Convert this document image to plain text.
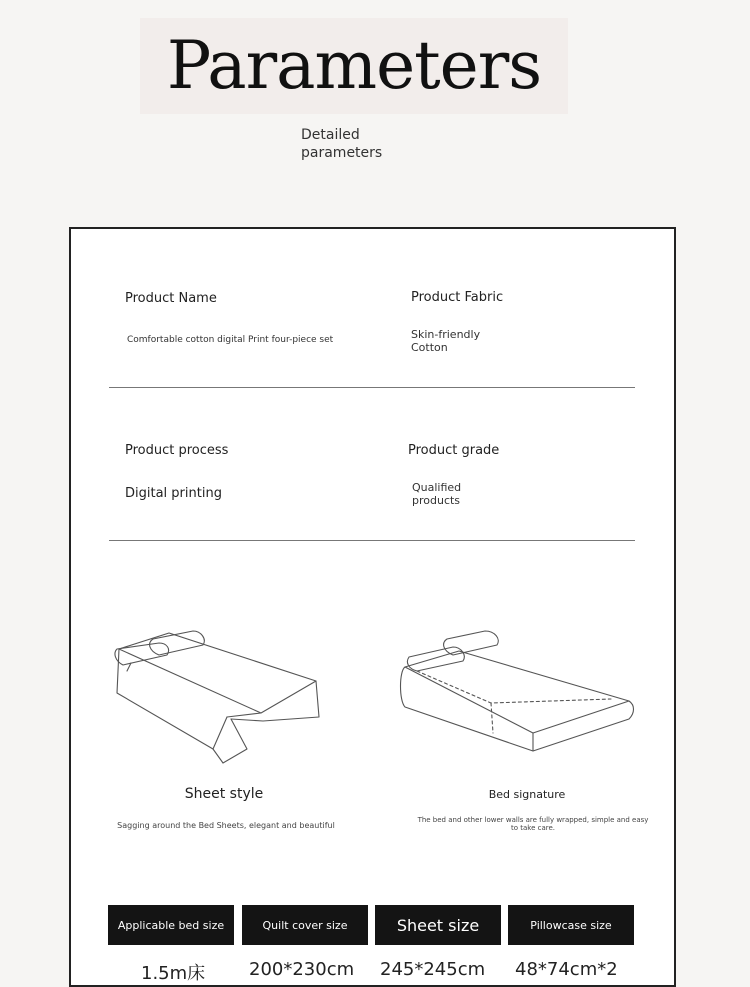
Parameters
Detailed
parameters
Product Name
Comfortable cotton digital Print four-piece set
Product Fabric
Skin-friendly
Cotton
Product process
Digital printing
Product grade
Qualified
products
Sheet style
Sagging around the Bed Sheets, elegant and beautiful
Bed signature
The bed and other lower walls are fully wrapped, simple and easy to take care.
Applicable bed size	Quilt cover size	Sheet size	Pillowcase size
1.5m床 200*230cm 245*245cm 48*74cm*2
